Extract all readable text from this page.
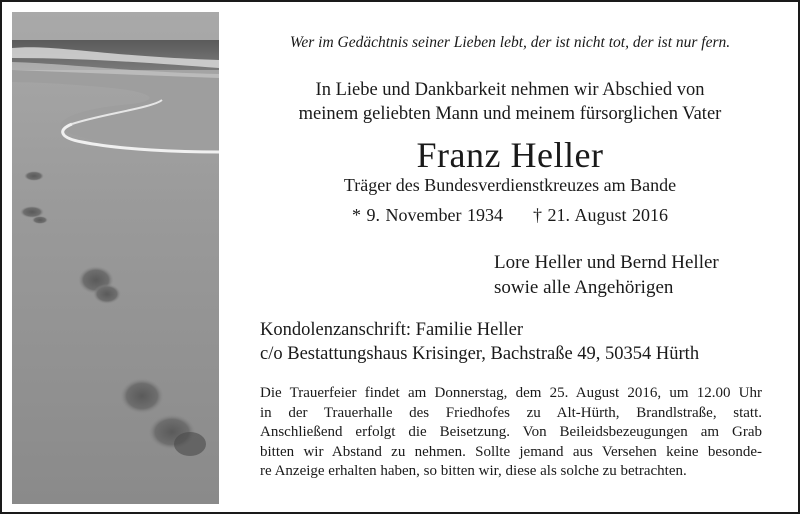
Wer im Gedächtnis seiner Lieben lebt, der ist nicht tot, der ist nur fern.
In Liebe und Dankbarkeit nehmen wir Abschied von
meinem geliebten Mann und meinem fürsorglichen Vater
Franz Heller
Träger des Bundesverdienstkreuzes am Bande
* 9. November 1934 † 21. August 2016
Lore Heller und Bernd Heller
sowie alle Angehörigen
Kondolenzanschrift: Familie Heller
c/o Bestattungshaus Krisinger, Bachstraße 49, 50354 Hürth
Die Trauerfeier findet am Donnerstag, dem 25. August 2016, um 12.00 Uhr
in der Trauerhalle des Friedhofes zu Alt-Hürth, Brandlstraße, statt.
Anschließend erfolgt die Beisetzung. Von Beileidsbezeugungen am Grab
bitten wir Abstand zu nehmen. Sollte jemand aus Versehen keine besonde-
re Anzeige erhalten haben, so bitten wir, diese als solche zu betrachten.
